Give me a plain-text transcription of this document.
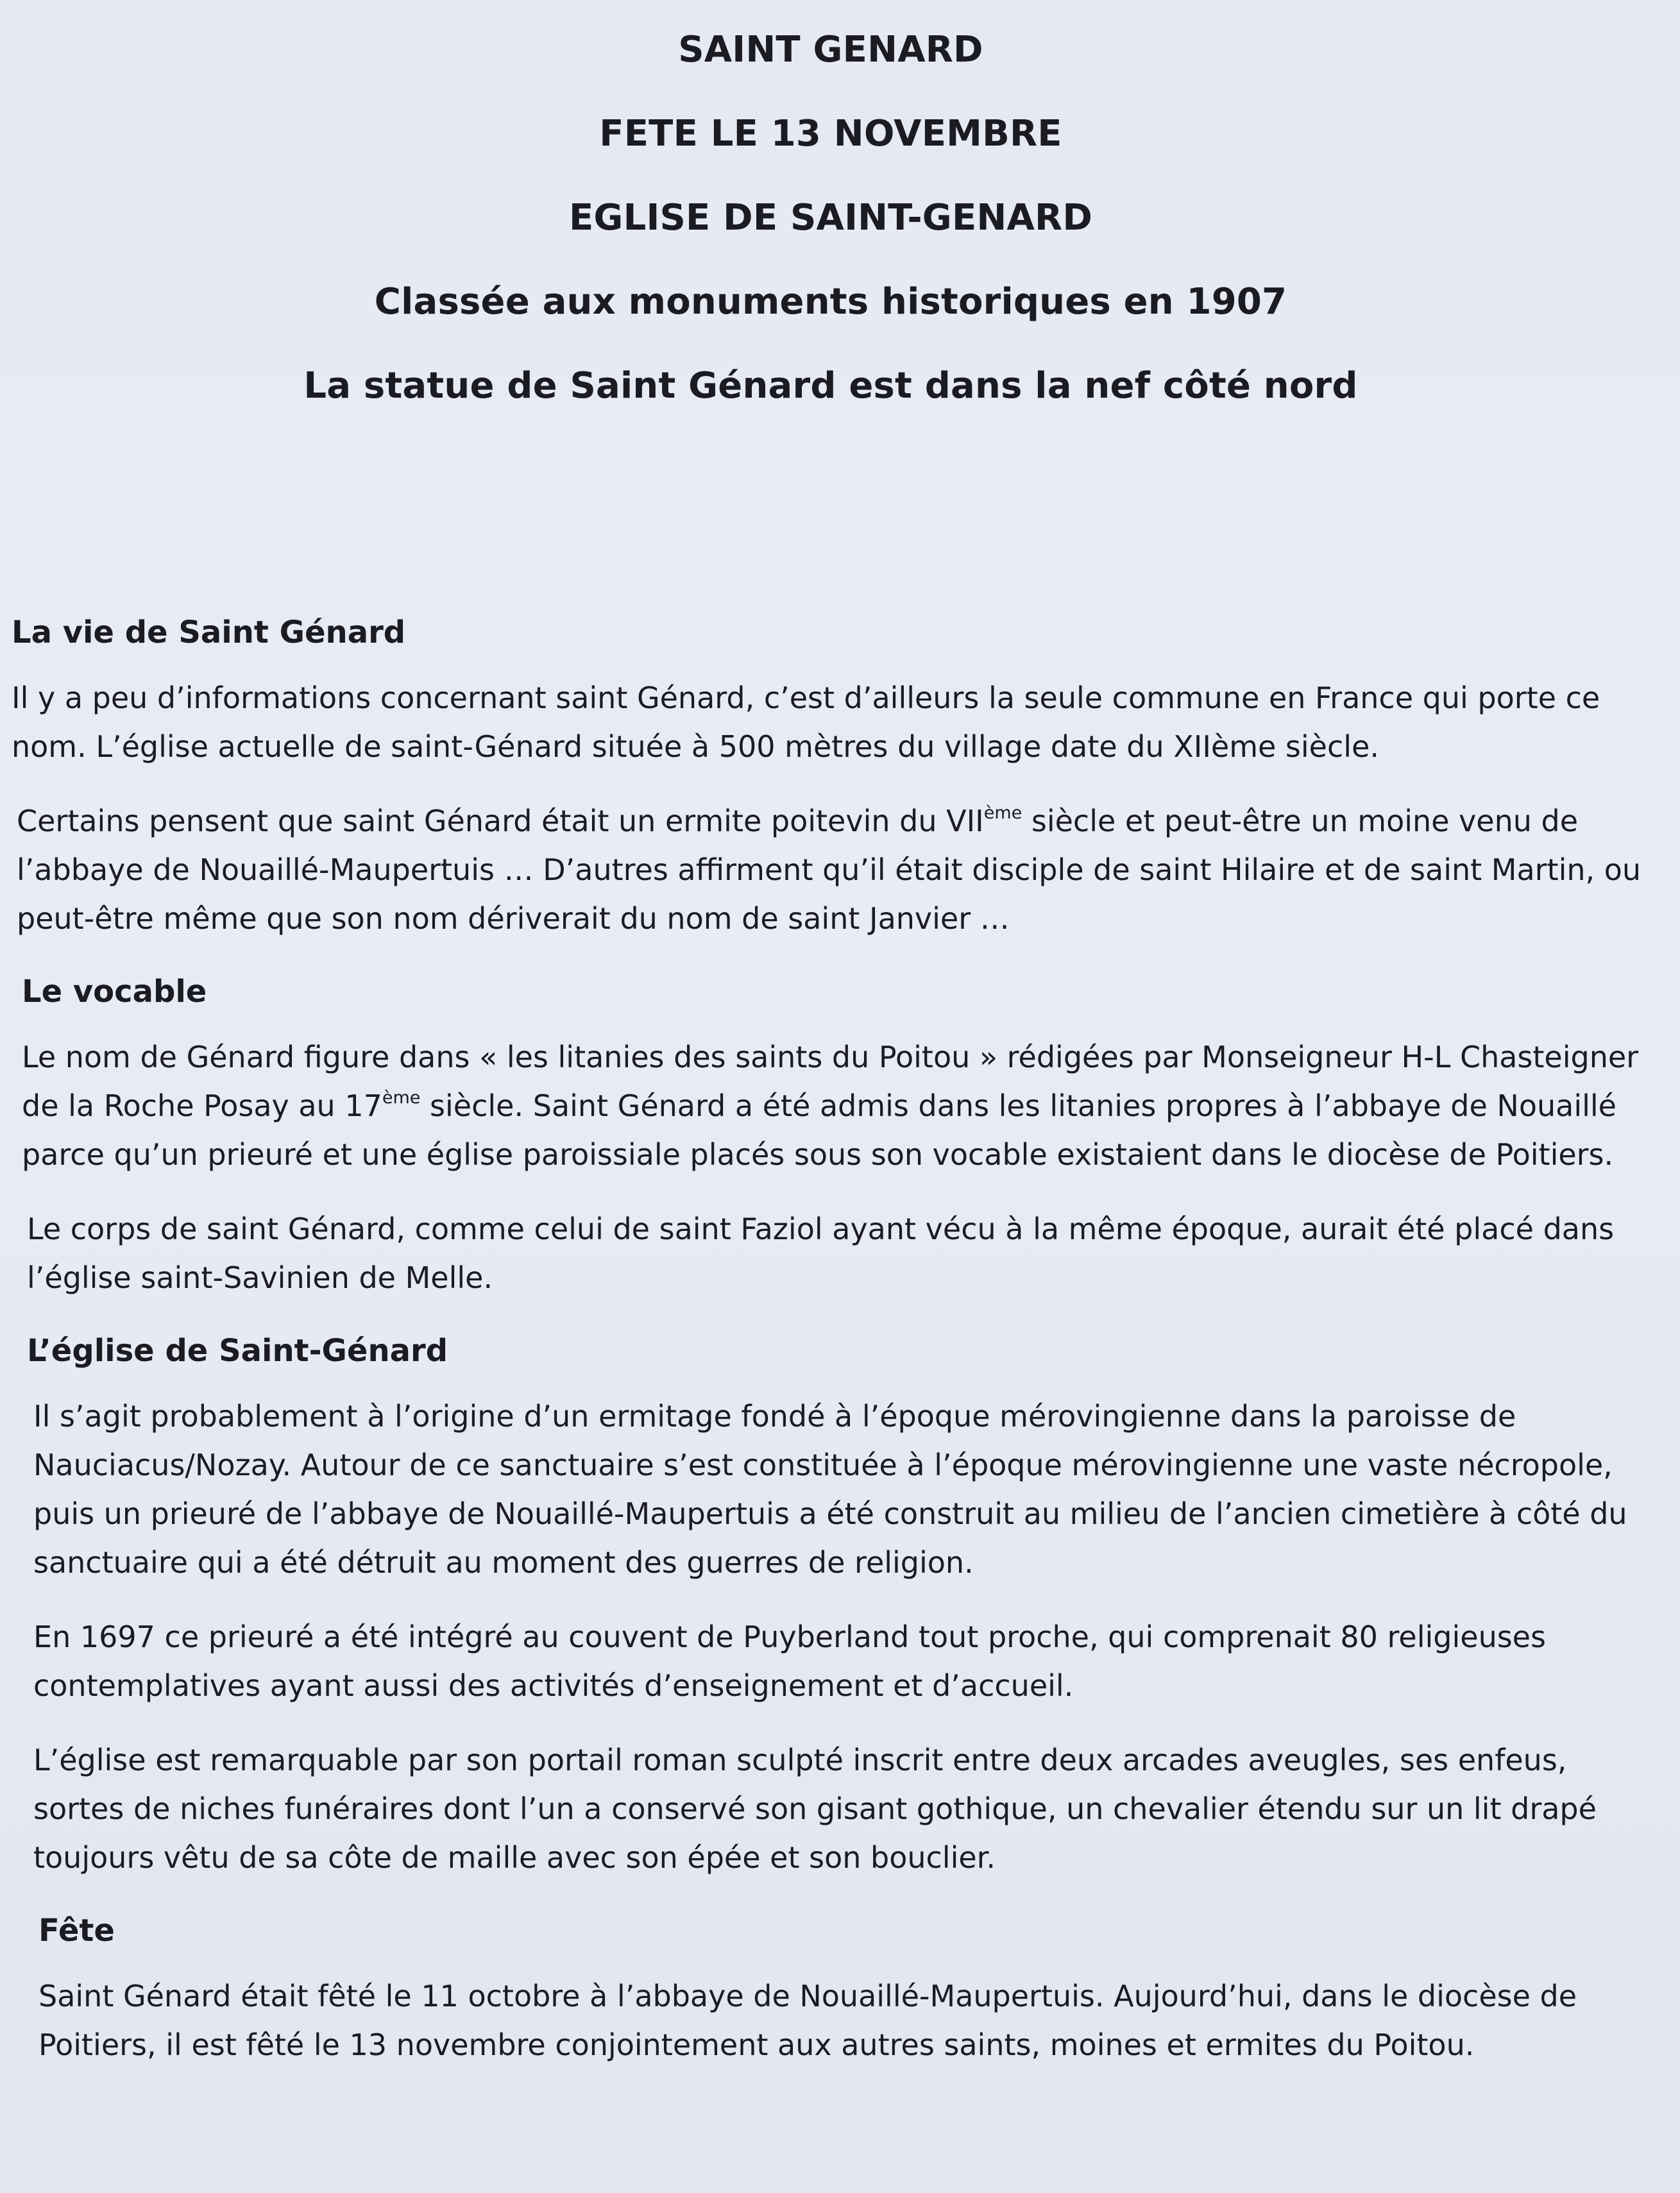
SAINT GENARD
FETE LE 13 NOVEMBRE
EGLISE DE SAINT-GENARD
Classée aux monuments historiques en 1907
La statue de Saint Génard est dans la nef côté nord
La vie de Saint Génard

Il y a peu d’informations concernant saint Génard, c’est d’ailleurs la seule commune en France qui porte ce nom. L’église actuelle de saint-Génard située à 500 mètres du village date du XIIème siècle.

Certains pensent que saint Génard était un ermite poitevin du VIIème siècle et peut-être un moine venu de l’abbaye de Nouaillé-Maupertuis … D’autres affirment qu’il était disciple de saint Hilaire et de saint Martin, ou peut-être même que son nom dériverait du nom de saint Janvier …

Le vocable

Le nom de Génard figure dans « les litanies des saints du Poitou » rédigées par Monseigneur H-L Chasteigner de la Roche Posay au 17ème siècle. Saint Génard a été admis dans les litanies propres à l’abbaye de Nouaillé parce qu’un prieuré et une église paroissiale placés sous son vocable existaient dans le diocèse de Poitiers.

Le corps de saint Génard, comme celui de saint Faziol ayant vécu à la même époque, aurait été placé dans l’église saint-Savinien de Melle.

L’église de Saint-Génard

Il s’agit probablement à l’origine d’un ermitage fondé à l’époque mérovingienne dans la paroisse de Nauciacus/Nozay. Autour de ce sanctuaire s’est constituée à l’époque mérovingienne une vaste nécropole, puis un prieuré de l’abbaye de Nouaillé-Maupertuis a été construit au milieu de l’ancien cimetière à côté du sanctuaire qui a été détruit au moment des guerres de religion.

En 1697 ce prieuré a été intégré au couvent de Puyberland tout proche, qui comprenait 80 religieuses contemplatives ayant aussi des activités d’enseignement et d’accueil.

L’église est remarquable par son portail roman sculpté inscrit entre deux arcades aveugles, ses enfeus, sortes de niches funéraires dont l’un a conservé son gisant gothique, un chevalier étendu sur un lit drapé toujours vêtu de sa côte de maille avec son épée et son bouclier.

Fête

Saint Génard était fêté le 11 octobre à l’abbaye de Nouaillé-Maupertuis. Aujourd’hui, dans le diocèse de Poitiers, il est fêté le 13 novembre conjointement aux autres saints, moines et ermites du Poitou.
